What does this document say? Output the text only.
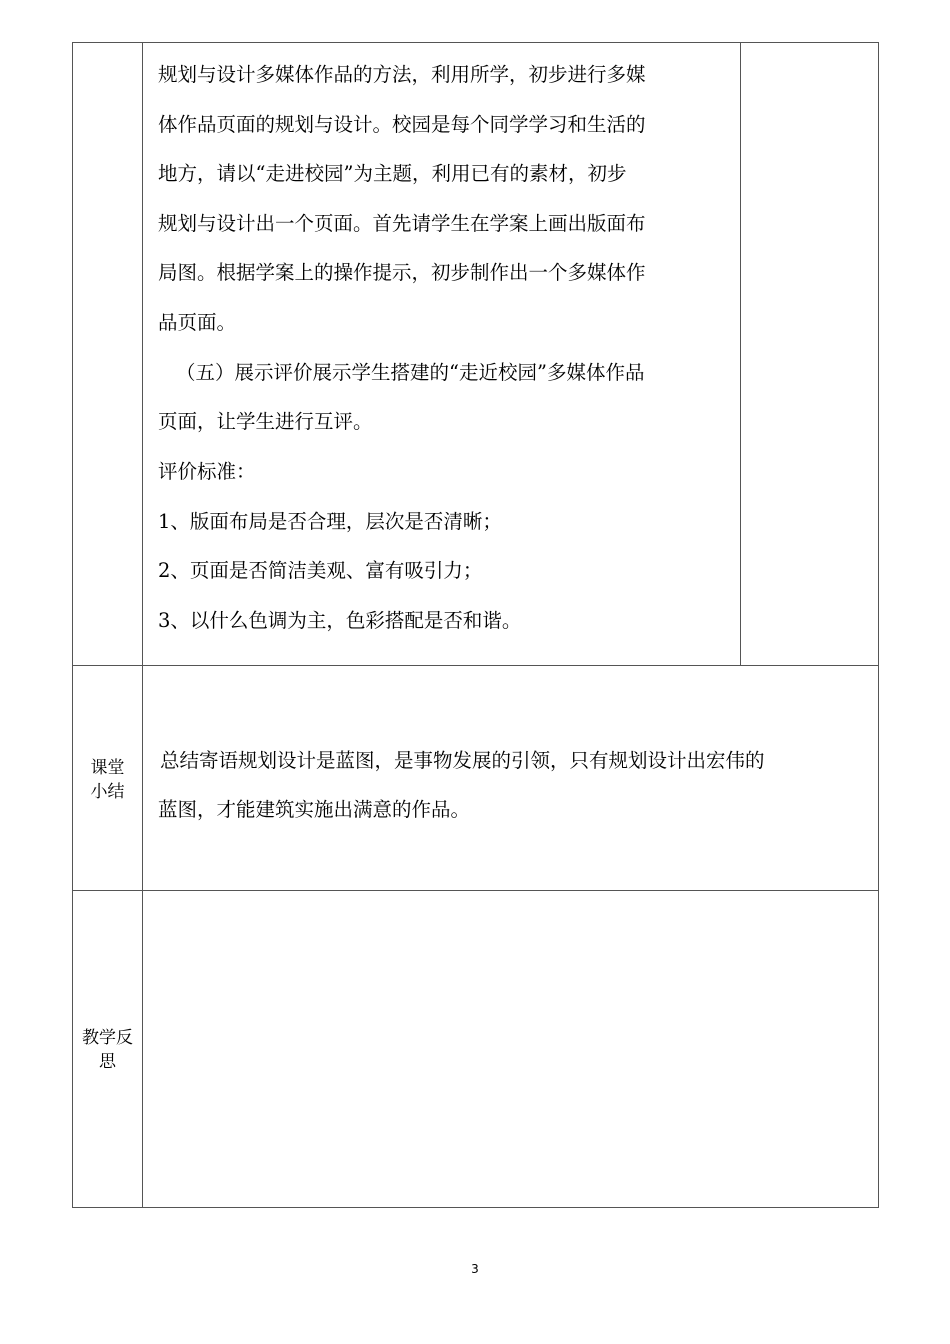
规划与设计多媒体作品的方法，利用所学，初步进行多媒
体作品页面的规划与设计。校园是每个同学学习和生活的
地方，请以“走进校园”为主题，利用已有的素材，初步
规划与设计出一个页面。首先请学生在学案上画出版面布
局图。根据学案上的操作提示，初步制作出一个多媒体作
品页面。
（五）展示评价展示学生搭建的“走近校园”多媒体作品
页面，让学生进行互评。
评价标准：
1、版面布局是否合理，层次是否清晰；
2、页面是否简洁美观、富有吸引力；
3、以什么色调为主，色彩搭配是否和谐。
课堂
小结
总结寄语规划设计是蓝图，是事物发展的引领，只有规划设计出宏伟的
蓝图，才能建筑实施出满意的作品。
教学反
思
3
